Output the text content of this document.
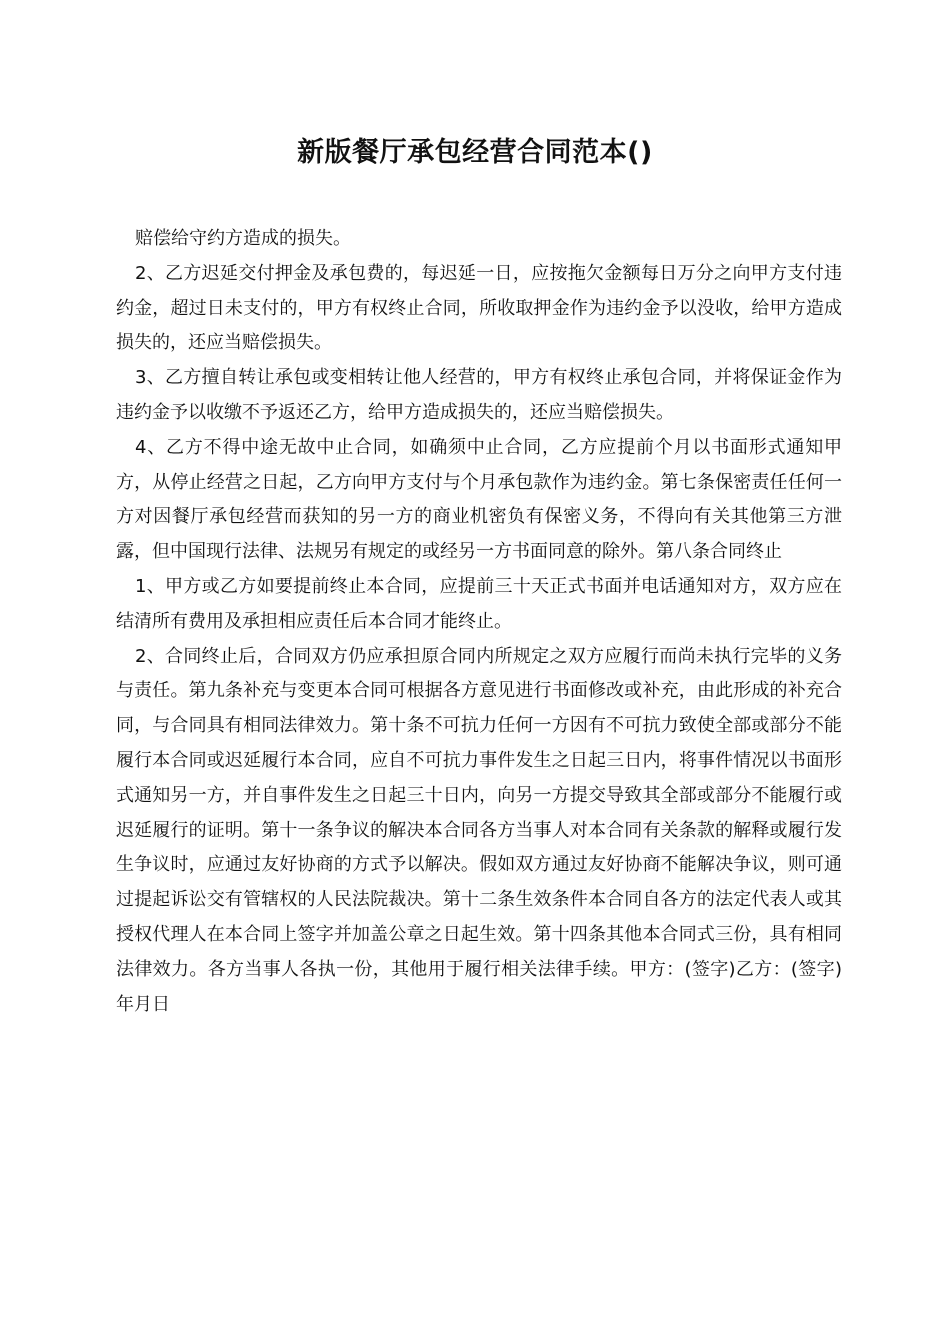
新版餐厅承包经营合同范本()

赔偿给守约方造成的损失。

2、乙方迟延交付押金及承包费的，每迟延一日，应按拖欠金额每日万分之向甲方支付违约金，超过日未支付的，甲方有权终止合同，所收取押金作为违约金予以没收，给甲方造成损失的，还应当赔偿损失。

3、乙方擅自转让承包或变相转让他人经营的，甲方有权终止承包合同，并将保证金作为违约金予以收缴不予返还乙方，给甲方造成损失的，还应当赔偿损失。

4、乙方不得中途无故中止合同，如确须中止合同，乙方应提前个月以书面形式通知甲方，从停止经营之日起，乙方向甲方支付与个月承包款作为违约金。第七条保密责任任何一方对因餐厅承包经营而获知的另一方的商业机密负有保密义务，不得向有关其他第三方泄露，但中国现行法律、法规另有规定的或经另一方书面同意的除外。第八条合同终止

1、甲方或乙方如要提前终止本合同，应提前三十天正式书面并电话通知对方，双方应在结清所有费用及承担相应责任后本合同才能终止。

2、合同终止后，合同双方仍应承担原合同内所规定之双方应履行而尚未执行完毕的义务与责任。第九条补充与变更本合同可根据各方意见进行书面修改或补充，由此形成的补充合同，与合同具有相同法律效力。第十条不可抗力任何一方因有不可抗力致使全部或部分不能履行本合同或迟延履行本合同，应自不可抗力事件发生之日起三日内，将事件情况以书面形式通知另一方，并自事件发生之日起三十日内，向另一方提交导致其全部或部分不能履行或迟延履行的证明。第十一条争议的解决本合同各方当事人对本合同有关条款的解释或履行发生争议时，应通过友好协商的方式予以解决。假如双方通过友好协商不能解决争议，则可通过提起诉讼交有管辖权的人民法院裁决。第十二条生效条件本合同自各方的法定代表人或其授权代理人在本合同上签字并加盖公章之日起生效。第十四条其他本合同式三份，具有相同法律效力。各方当事人各执一份，其他用于履行相关法律手续。甲方：(签字)乙方：(签字)年月日
